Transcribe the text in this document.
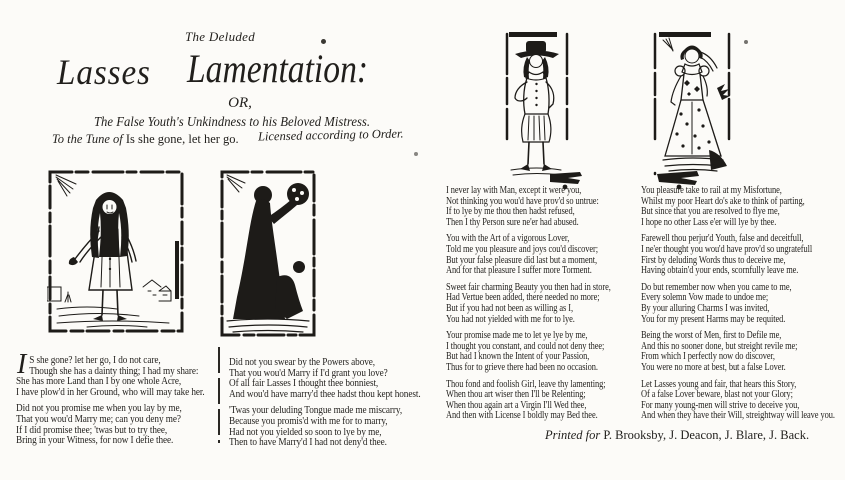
The Deluded
Lasses Lamentation:
OR,
The False Youth's Unkindness to his Beloved Mistress.
To the Tune of Is she gone, let her go. Licensed according to Order.
I S she gone? let her go, I do not care,
Though she has a dainty thing; I had my share:
She has more Land than I by one whole Acre,
I have plow'd in her Ground, who will may take her.

Did not you promise me when you lay by me,
That you wou'd Marry me; can you deny me?
If I did promise thee; 'twas but to try thee,
Bring in your Witness, for now I defie thee.

Did not you swear by the Powers above,
That you wou'd Marry if I'd grant you love?
Of all fair Lasses I thought thee bonniest,
And wou'd have marry'd thee hadst thou kept honest.

'Twas your deluding Tongue made me miscarry,
Because you promis'd with me for to marry,
Had not you yielded so soon to lye by me,
Then to have Marry'd I had not deny'd thee.

I never lay with Man, except it were you,
Not thinking you wou'd have prov'd so untrue:
If to lye by me thou then hadst refused,
Then I thy Person sure ne'er had abused.

You with the Art of a vigorous Lover,
Told me you pleasure and joys cou'd discover;
But your false pleasure did last but a moment,
And for that pleasure I suffer more Torment.

Sweet fair charming Beauty you then had in store,
Had Vertue been added, there needed no more;
But if you had not been as willing as I,
You had not yielded with me for to lye.

Your promise made me to let ye lye by me,
I thought you constant, and could not deny thee;
But had I known the Intent of your Passion,
Thus for to grieve there had been no occasion.

Thou fond and foolish Girl, leave thy lamenting;
When thou art wiser then I'll be Relenting;
When thou again art a Virgin I'll Wed thee,
And then with License I boldly may Bed thee.

You pleasure take to rail at my Misfortune,
Whilst my poor Heart do's ake to think of parting,
But since that you are resolved to flye me,
I hope no other Lass e'er will lye by thee.

Farewell thou perjur'd Youth, false and deceitfull,
I ne'er thought you wou'd have prov'd so ungratefull
First by deluding Words thus to deceive me,
Having obtain'd your ends, scornfully leave me.

Do but remember now when you came to me,
Every solemn Vow made to undoe me;
By your alluring Charms I was invited,
You for my present Harms may be requited.

Being the worst of Men, first to Defile me,
And this no sooner done, but streight revile me;
From which I perfectly now do discover,
You were no more at best, but a false Lover.

Let Lasses young and fair, that hears this Story,
Of a false Lover beware, blast not your Glory;
For many young-men will strive to deceive you,
And when they have their Will, streightway will leave you.

Printed for P. Brooksby, J. Deacon, J. Blare, J. Back.
